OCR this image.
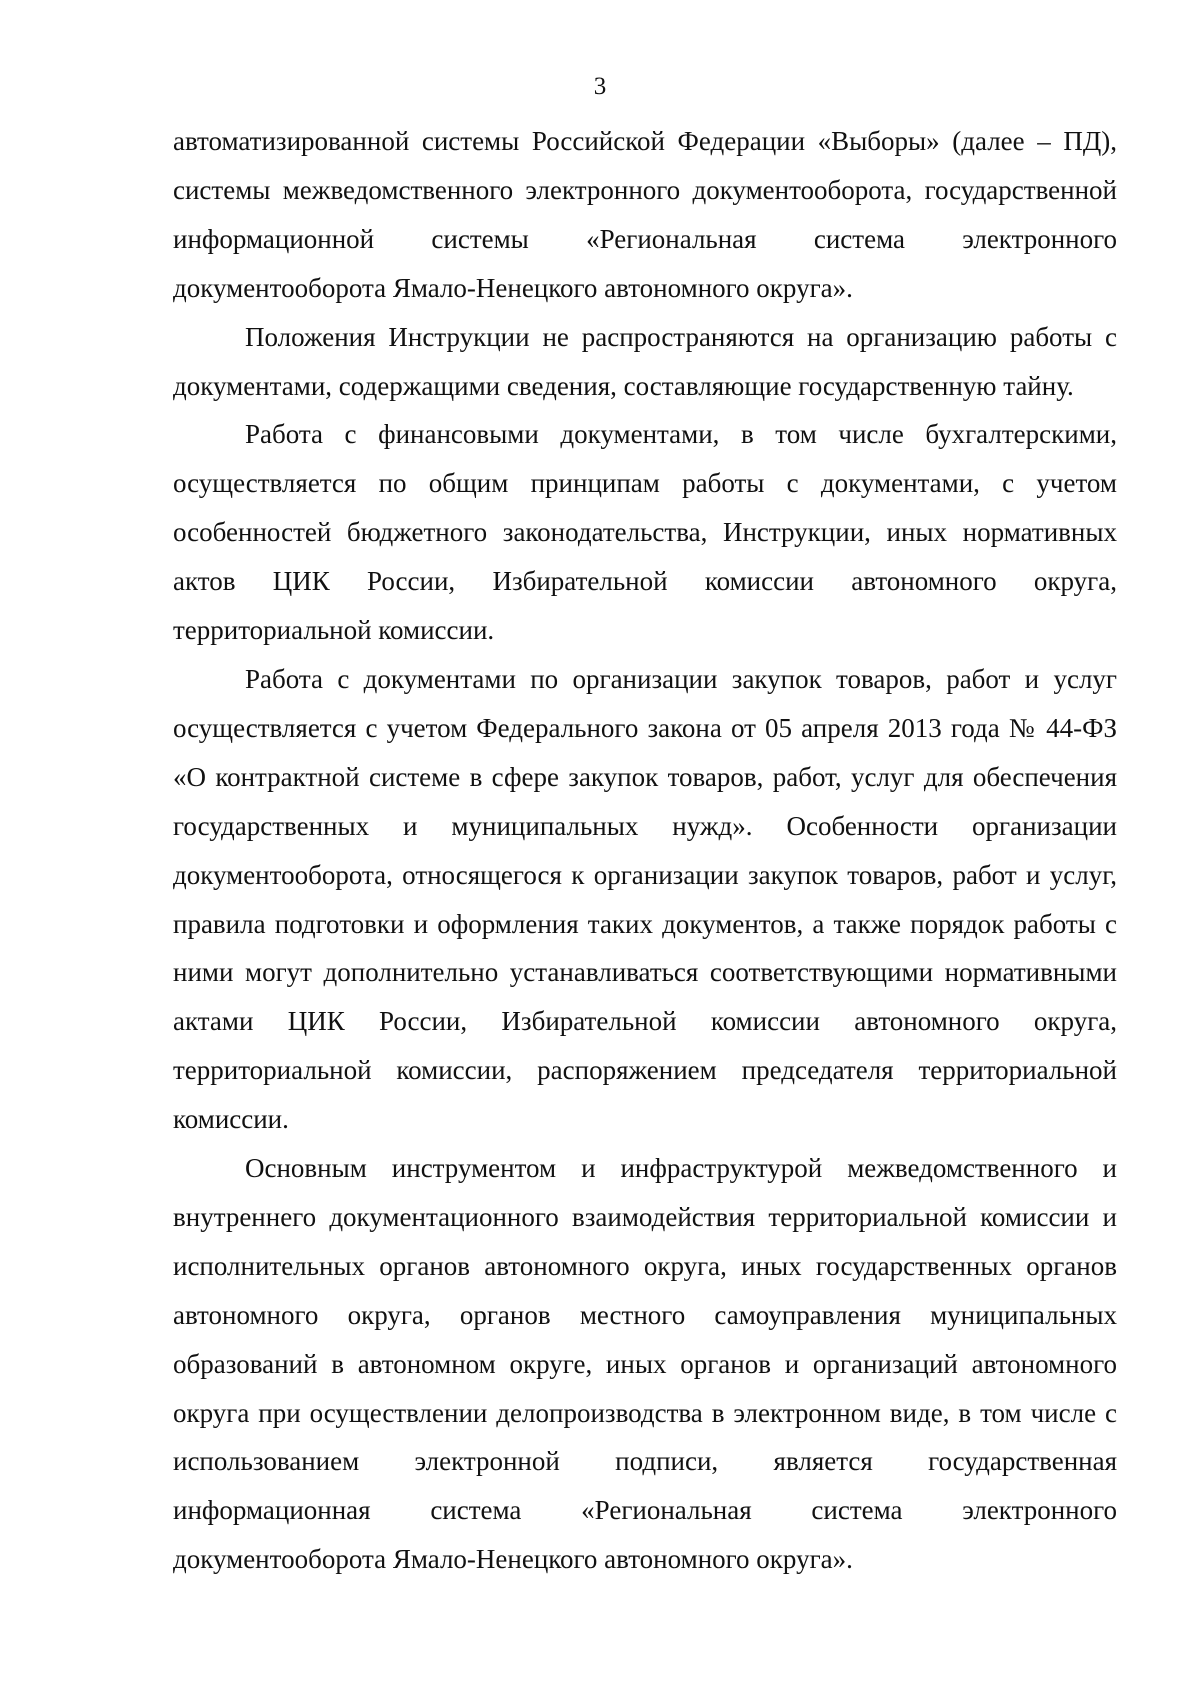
3

автоматизированной системы Российской Федерации «Выборы» (далее – ПД), системы межведомственного электронного документооборота, государственной информационной системы «Региональная система электронного документооборота Ямало-Ненецкого автономного округа».

Положения Инструкции не распространяются на организацию работы с документами, содержащими сведения, составляющие государственную тайну.

Работа с финансовыми документами, в том числе бухгалтерскими, осуществляется по общим принципам работы с документами, с учетом особенностей бюджетного законодательства, Инструкции, иных нормативных актов ЦИК России, Избирательной комиссии автономного округа, территориальной комиссии.

Работа с документами по организации закупок товаров, работ и услуг осуществляется с учетом Федерального закона от 05 апреля 2013 года № 44-ФЗ «О контрактной системе в сфере закупок товаров, работ, услуг для обеспечения государственных и муниципальных нужд». Особенности организации документооборота, относящегося к организации закупок товаров, работ и услуг, правила подготовки и оформления таких документов, а также порядок работы с ними могут дополнительно устанавливаться соответствующими нормативными актами ЦИК России, Избирательной комиссии автономного округа, территориальной комиссии, распоряжением председателя территориальной комиссии.

Основным инструментом и инфраструктурой межведомственного и внутреннего документационного взаимодействия территориальной комиссии и исполнительных органов автономного округа, иных государственных органов автономного округа, органов местного самоуправления муниципальных образований в автономном округе, иных органов и организаций автономного округа при осуществлении делопроизводства в электронном виде, в том числе с использованием электронной подписи, является государственная информационная система «Региональная система электронного документооборота Ямало-Ненецкого автономного округа».
